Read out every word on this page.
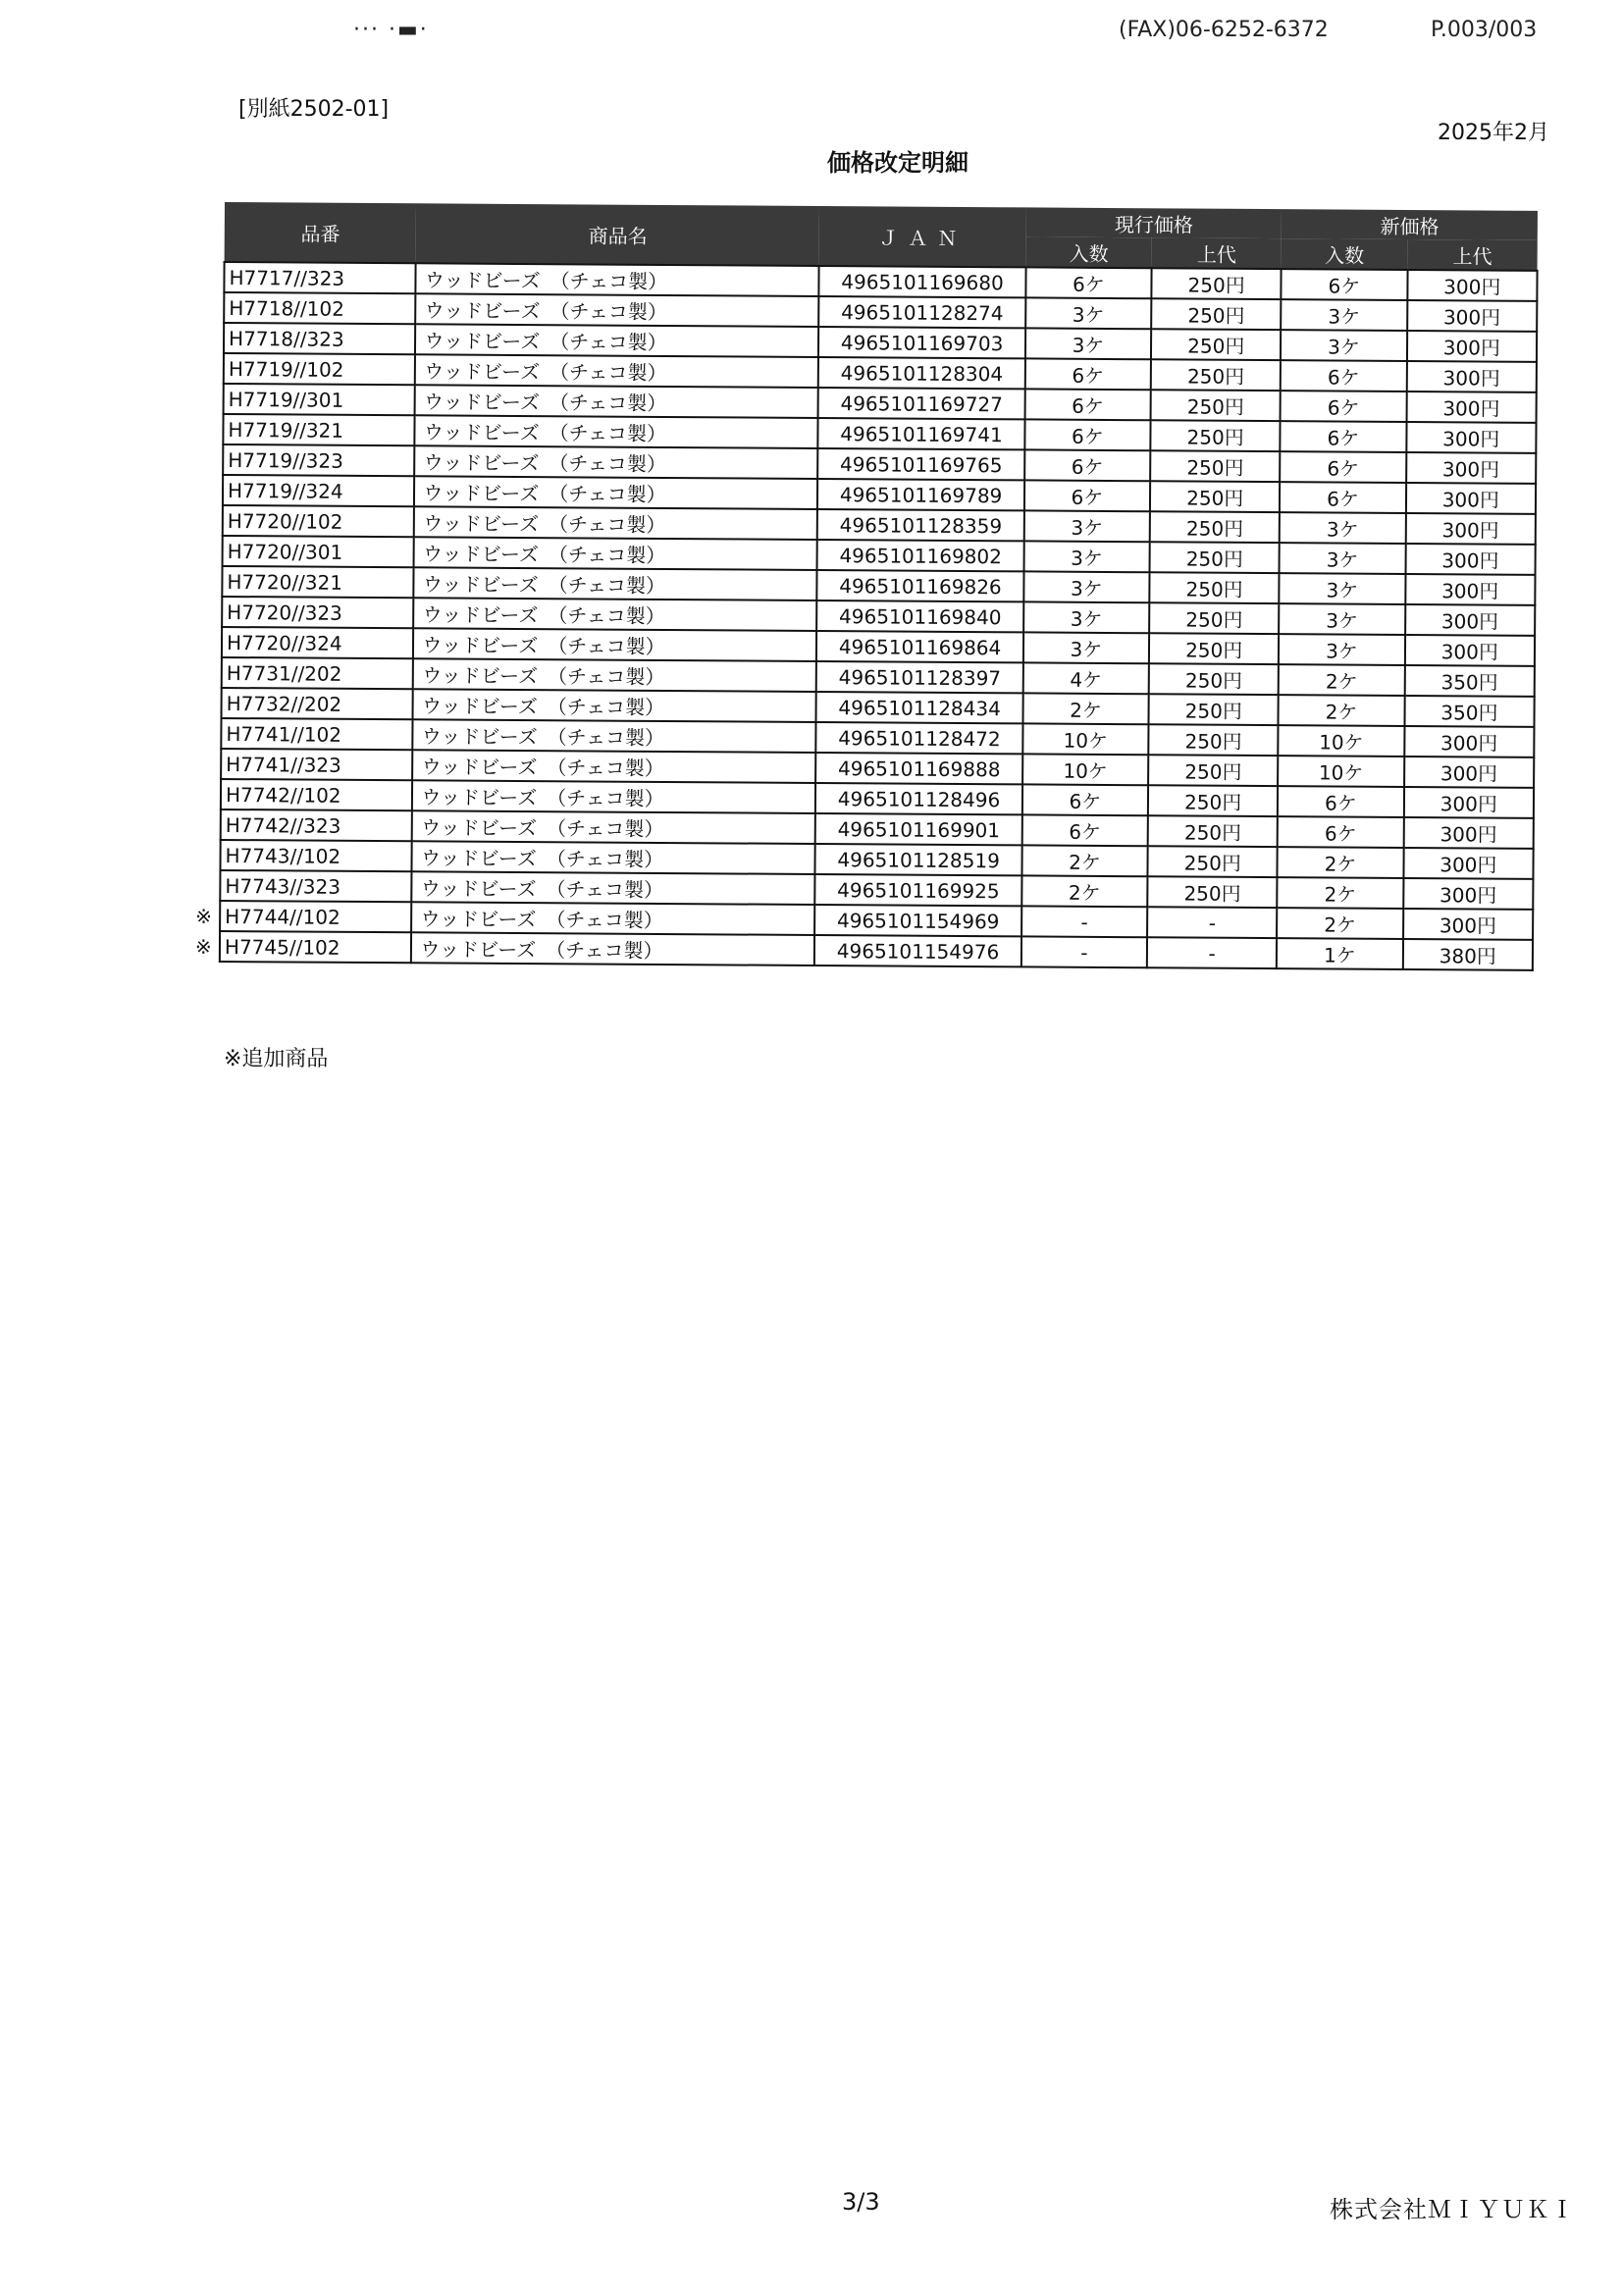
··· ·▬·	(FAX)06-6252-6372	P.003/003
[別紙2502-01]
2025年2月
価格改定明細
品番	商品名	ＪＡＮ	現行価格		新価格	
			入数	上代	入数	上代

H7717//323	ウッドビーズ　（チェコ製）	4965101169680	6ケ	250円	6ケ	300円

H7718//102	ウッドビーズ　（チェコ製）	4965101128274	3ケ	250円	3ケ	300円

H7718//323	ウッドビーズ　（チェコ製）	4965101169703	3ケ	250円	3ケ	300円

H7719//102	ウッドビーズ　（チェコ製）	4965101128304	6ケ	250円	6ケ	300円

H7719//301	ウッドビーズ　（チェコ製）	4965101169727	6ケ	250円	6ケ	300円

H7719//321	ウッドビーズ　（チェコ製）	4965101169741	6ケ	250円	6ケ	300円

H7719//323	ウッドビーズ　（チェコ製）	4965101169765	6ケ	250円	6ケ	300円

H7719//324	ウッドビーズ　（チェコ製）	4965101169789	6ケ	250円	6ケ	300円

H7720//102	ウッドビーズ　（チェコ製）	4965101128359	3ケ	250円	3ケ	300円

H7720//301	ウッドビーズ　（チェコ製）	4965101169802	3ケ	250円	3ケ	300円

H7720//321	ウッドビーズ　（チェコ製）	4965101169826	3ケ	250円	3ケ	300円

H7720//323	ウッドビーズ　（チェコ製）	4965101169840	3ケ	250円	3ケ	300円

H7720//324	ウッドビーズ　（チェコ製）	4965101169864	3ケ	250円	3ケ	300円

H7731//202	ウッドビーズ　（チェコ製）	4965101128397	4ケ	250円	2ケ	350円

H7732//202	ウッドビーズ　（チェコ製）	4965101128434	2ケ	250円	2ケ	350円

H7741//102	ウッドビーズ　（チェコ製）	4965101128472	10ケ	250円	10ケ	300円

H7741//323	ウッドビーズ　（チェコ製）	4965101169888	10ケ	250円	10ケ	300円

H7742//102	ウッドビーズ　（チェコ製）	4965101128496	6ケ	250円	6ケ	300円

H7742//323	ウッドビーズ　（チェコ製）	4965101169901	6ケ	250円	6ケ	300円

H7743//102	ウッドビーズ　（チェコ製）	4965101128519	2ケ	250円	2ケ	300円

H7743//323	ウッドビーズ　（チェコ製）	4965101169925	2ケ	250円	2ケ	300円

※ H7744//102	ウッドビーズ　（チェコ製）	4965101154969	-	-	2ケ	300円

※ H7745//102	ウッドビーズ　（チェコ製）	4965101154976	-	-	1ケ	380円
※追加商品
3/3	株式会社ＭＩＹＵＫＩ
